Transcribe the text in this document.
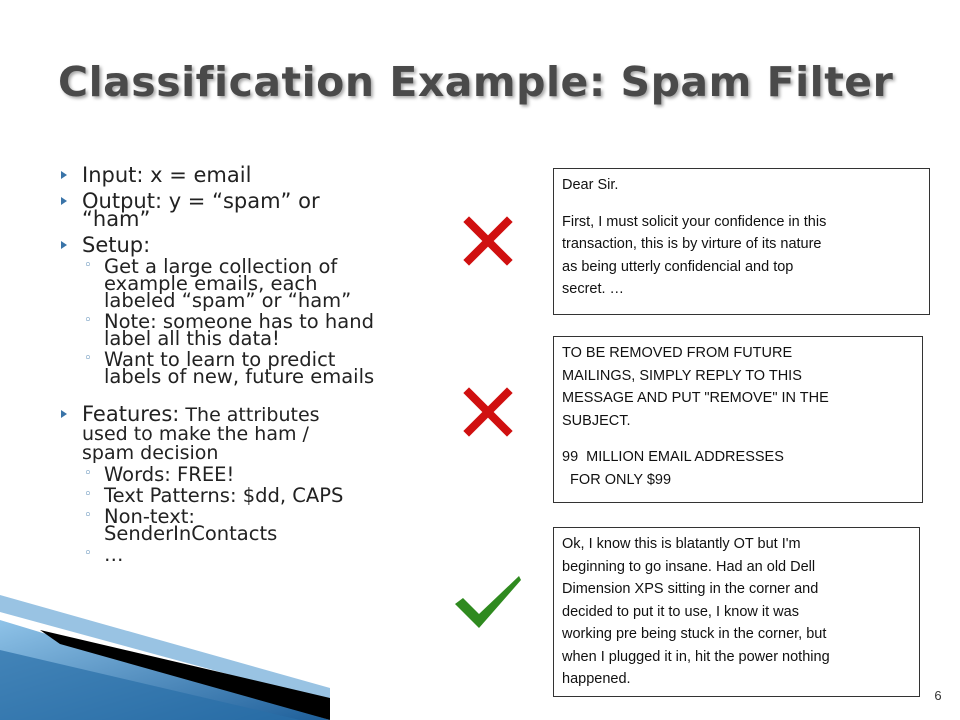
Classification Example: Spam Filter
Input: x = email
Output: y = “spam” or
“ham”
Setup:
◦ Get a large collection of
example emails, each
labeled “spam” or “ham”
◦ Note: someone has to hand
label all this data!
◦ Want to learn to predict
labels of new, future emails
Features: The attributes
used to make the ham /
spam decision
◦ Words: FREE!
◦ Text Patterns: $dd, CAPS
◦ Non-text:
SenderInContacts
◦ …

Dear Sir.

First, I must solicit your confidence in this

transaction, this is by virture of its nature

as being utterly confidencial and top

secret. …

TO BE REMOVED FROM FUTURE

MAILINGS, SIMPLY REPLY TO THIS

MESSAGE AND PUT "REMOVE" IN THE

SUBJECT.

99  MILLION EMAIL ADDRESSES

FOR ONLY $99

Ok, I know this is blatantly OT but I'm

beginning to go insane. Had an old Dell

Dimension XPS sitting in the corner and

decided to put it to use, I know it was

working pre being stuck in the corner, but

when I plugged it in, hit the power nothing

happened.

6
